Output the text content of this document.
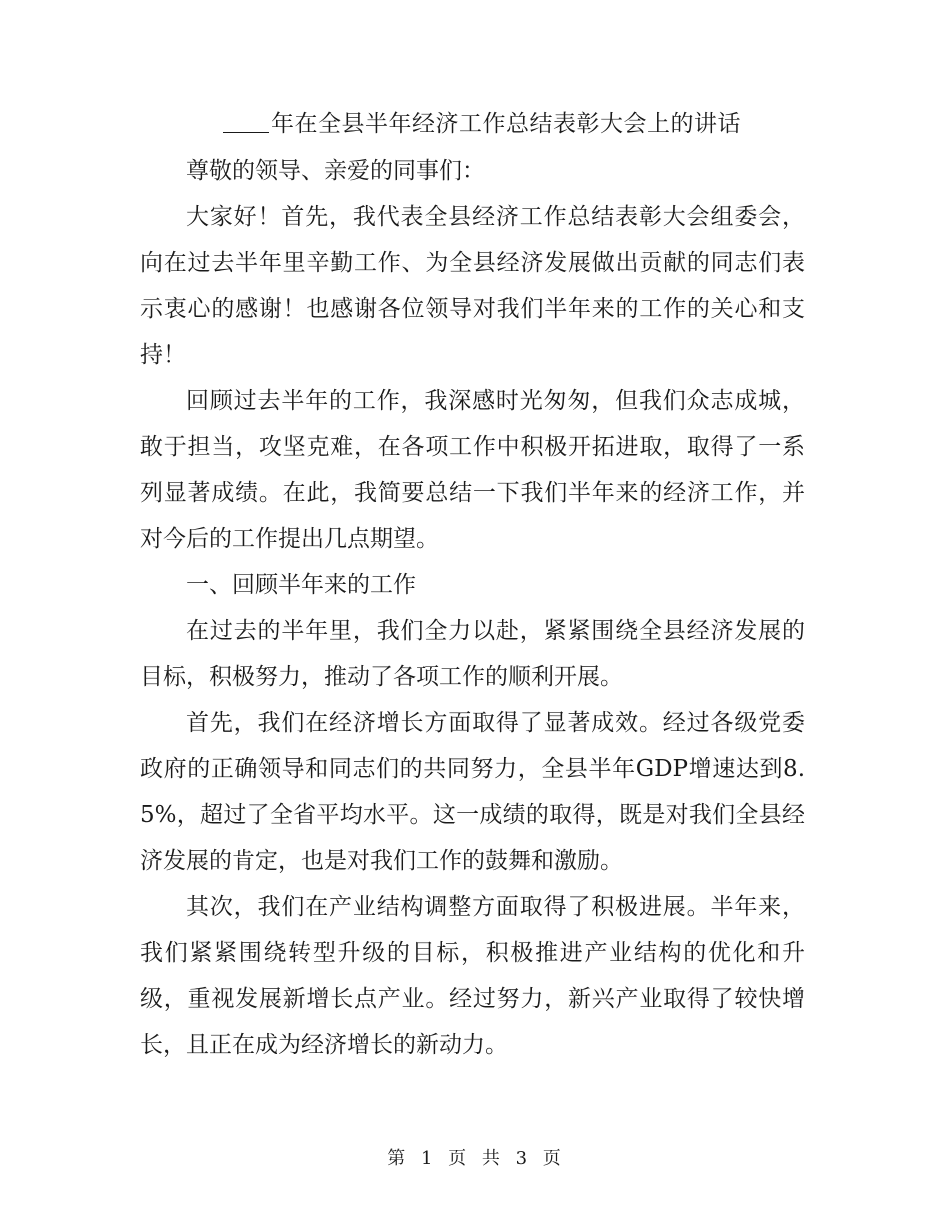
年在全县半年经济工作总结表彰大会上的讲话

尊敬的领导、亲爱的同事们：

大家好！首先，我代表全县经济工作总结表彰大会组委会，向在过去半年里辛勤工作、为全县经济发展做出贡献的同志们表示衷心的感谢！也感谢各位领导对我们半年来的工作的关心和支持！

回顾过去半年的工作，我深感时光匆匆，但我们众志成城，敢于担当，攻坚克难，在各项工作中积极开拓进取，取得了一系列显著成绩。在此，我简要总结一下我们半年来的经济工作，并对今后的工作提出几点期望。

一、回顾半年来的工作

在过去的半年里，我们全力以赴，紧紧围绕全县经济发展的目标，积极努力，推动了各项工作的顺利开展。

首先，我们在经济增长方面取得了显著成效。经过各级党委政府的正确领导和同志们的共同努力，全县半年GDP增速达到8.5%，超过了全省平均水平。这一成绩的取得，既是对我们全县经济发展的肯定，也是对我们工作的鼓舞和激励。

其次，我们在产业结构调整方面取得了积极进展。半年来，我们紧紧围绕转型升级的目标，积极推进产业结构的优化和升级，重视发展新增长点产业。经过努力，新兴产业取得了较快增长，且正在成为经济增长的新动力。

第 1 页 共 3 页
